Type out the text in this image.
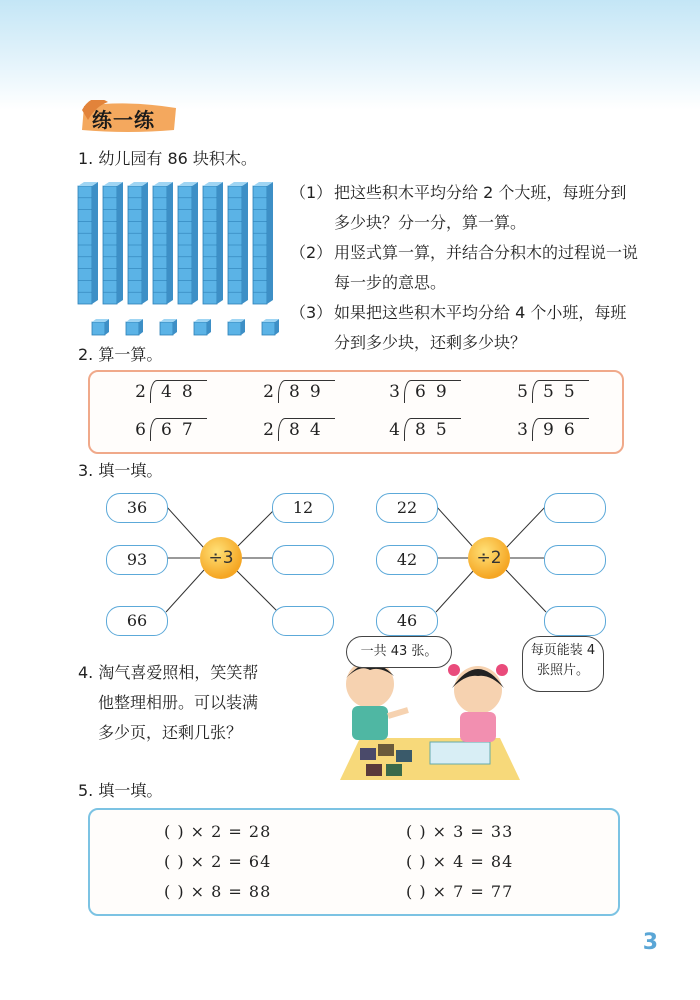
练一练
1. 幼儿园有 86 块积木。
（1） 把这些积木平均分给 2 个大班，每班分到多少块？分一分，算一算。
（2） 用竖式算一算，并结合分积木的过程说一说每一步的意思。
（3） 如果把这些积木平均分给 4 个小班，每班分到多少块，还剩多少块？
2. 算一算。
2 48	2 89	3 69	5 55
6 67	2 84	4 85	3 96
3. 填一填。
36
93
66
÷3
12	22
42
46
÷2
4. 淘气喜爱照相，笑笑帮
他整理相册。可以装满
多少页，还剩几张？
一共 43 张。	每页能装 4
张照片。
5. 填一填。
( ) × 2 = 28	( ) × 3 = 33
( ) × 2 = 64	( ) × 4 = 84
( ) × 8 = 88	( ) × 7 = 77
3
